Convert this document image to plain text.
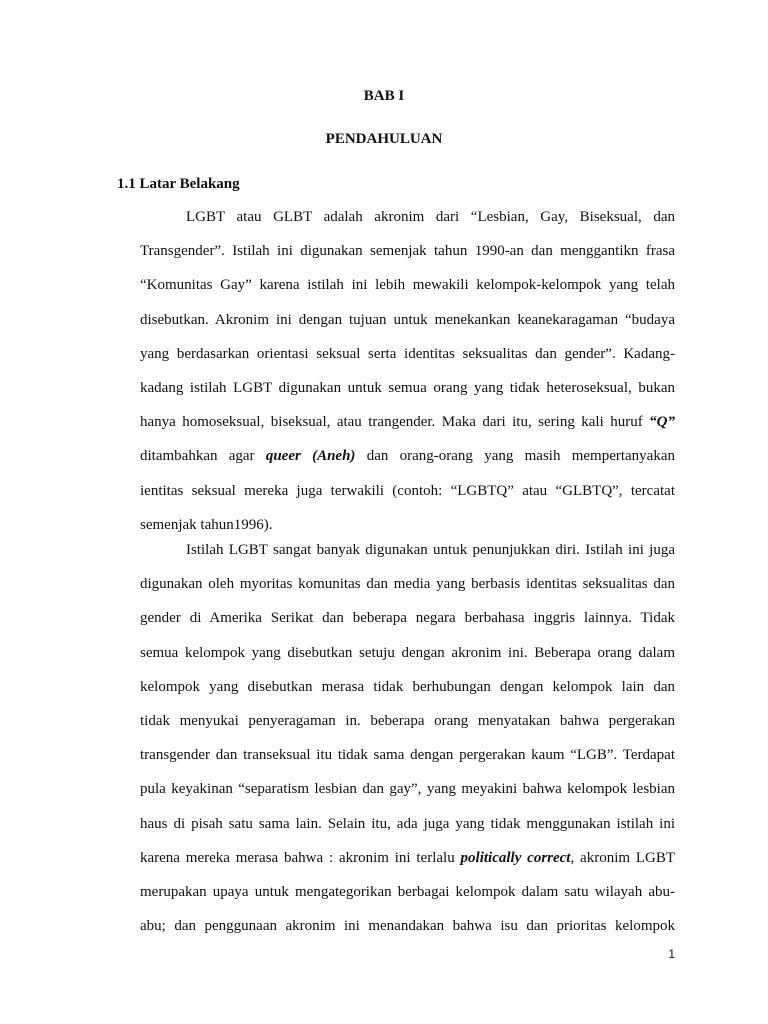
BAB I

PENDAHULUAN

1.1 Latar Belakang

LGBT atau GLBT adalah akronim dari “Lesbian, Gay, Biseksual, dan
Transgender”. Istilah ini digunakan semenjak tahun 1990-an dan menggantikn frasa
“Komunitas Gay” karena istilah ini lebih mewakili kelompok-kelompok yang telah
disebutkan. Akronim ini dengan tujuan untuk menekankan keanekaragaman “budaya
yang berdasarkan orientasi seksual serta identitas seksualitas dan gender”. Kadang-
kadang istilah LGBT digunakan untuk semua orang yang tidak heteroseksual, bukan
hanya homoseksual, biseksual, atau trangender. Maka dari itu, sering kali huruf “Q”
ditambahkan agar queer (Aneh) dan orang-orang yang masih mempertanyakan
ientitas seksual mereka juga terwakili (contoh: “LGBTQ” atau “GLBTQ”, tercatat
semenjak tahun1996).
Istilah LGBT sangat banyak digunakan untuk penunjukkan diri. Istilah ini juga
digunakan oleh myoritas komunitas dan media yang berbasis identitas seksualitas dan
gender di Amerika Serikat dan beberapa negara berbahasa inggris lainnya. Tidak
semua kelompok yang disebutkan setuju dengan akronim ini. Beberapa orang dalam
kelompok yang disebutkan merasa tidak berhubungan dengan kelompok lain dan
tidak menyukai penyeragaman in. beberapa orang menyatakan bahwa pergerakan
transgender dan transeksual itu tidak sama dengan pergerakan kaum “LGB”. Terdapat
pula keyakinan “separatism lesbian dan gay”, yang meyakini bahwa kelompok lesbian
haus di pisah satu sama lain. Selain itu, ada juga yang tidak menggunakan istilah ini
karena mereka merasa bahwa : akronim ini terlalu politically correct, akronim LGBT
merupakan upaya untuk mengategorikan berbagai kelompok dalam satu wilayah abu-
abu; dan penggunaan akronim ini menandakan bahwa isu dan prioritas kelompok
1
